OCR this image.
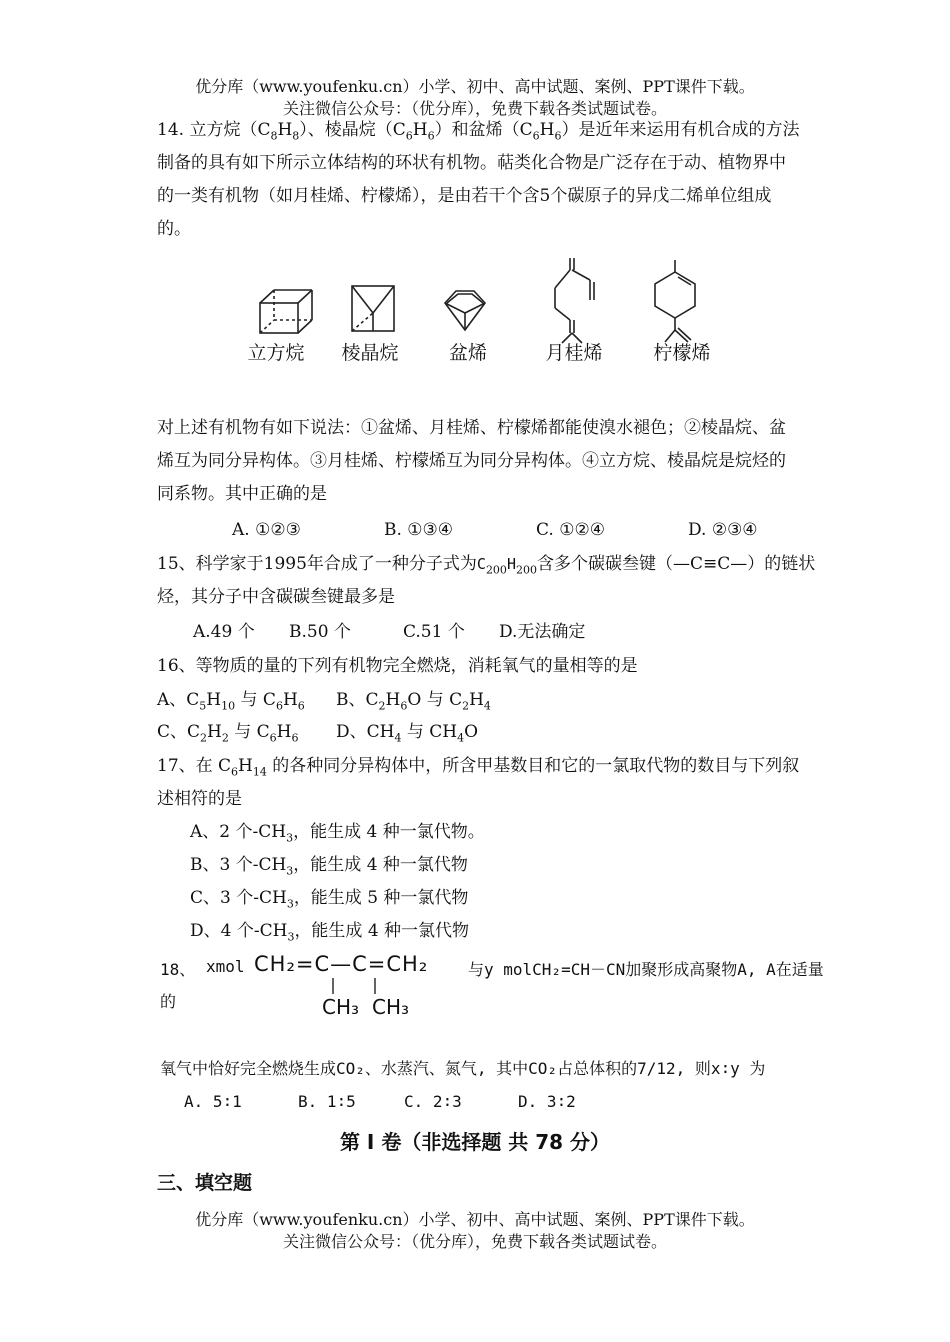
优分库（www.youfenku.cn）小学、初中、高中试题、案例、PPT课件下载。
关注微信公众号：（优分库），免费下载各类试题试卷。
14. 立方烷$(C_8H_8)$、棱晶烷$(C_6H_6)$和盆烯$(C_6H_6)$是近年来运用有机合成的方法
制备的具有如下所示立体结构的环状有机物。萜类化合物是广泛存在于动、植物界中
的一类有机物（如月桂烯、柠檬烯），是由若干个含5个碳原子的异戊二烯单位组成
的。
立方烷	棱晶烷	盆烯	月桂烯	柠檬烯
对上述有机物有如下说法：①盆烯、月桂烯、柠檬烯都能使溴水褪色；②棱晶烷、盆
烯互为同分异构体。③月桂烯、柠檬烯互为同分异构体。④立方烷、棱晶烷是烷烃的
同系物。其中正确的是
A. ①②③	B. ①③④	C. ①②④	D. ②③④
15、科学家于1995年合成了一种分子式为$C_{200}H_{200}$含多个碳碳叁键（—C≡C—）的链状
烃，其分子中含碳碳叁键最多是
A.49 个 B.50 个	C.51 个 D.无法确定
16、等物质的量的下列有机物完全燃烧，消耗氧气的量相等的是
A、$C_5H_{10}$ 与 $C_6H_6$ B、$C_2H_6O$ 与 $C_2H_4$
C、$C_2H_2$ 与 $C_6H_6$ D、$CH_4$ 与 $CH_4O$
17、在 $C_6H_{14}$ 的各种同分异构体中，所含甲基数目和它的一氯取代物的数目与下列叙
述相符的是
A、2 个$-CH_3$，能生成 4 种一氯代物。
B、3 个$-CH_3$，能生成 4 种一氯代物
C、3 个$-CH_3$，能生成 5 种一氯代物
D、4 个$-CH_3$，能生成 4 种一氯代物
18、 xmol CH₂=C—C=CH₂
CH₃ CH₃
与y molCH₂=CH－CN加聚形成高聚物A, A在适量
的
氧气中恰好完全燃烧生成CO₂、水蒸汽、氮气, 其中CO₂占总体积的7/12, 则x∶y 为
A. 5∶1	B. 1∶5	C. 2∶3	D. 3∶2
第 I 卷（非选择题 共 78 分）
三、填空题
优分库（www.youfenku.cn）小学、初中、高中试题、案例、PPT课件下载。
关注微信公众号：（优分库），免费下载各类试题试卷。
